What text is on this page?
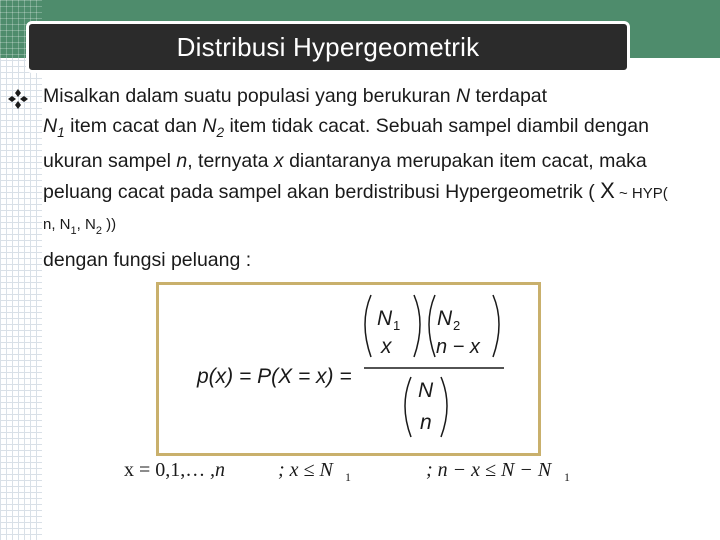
Distribusi Hypergeometrik
Misalkan dalam suatu populasi yang berukuran N terdapat
$N_1$ item cacat dan $N_2$ item tidak cacat. Sebuah sampel diambil dengan ukuran sampel n, ternyata x diantaranya merupakan item cacat, maka peluang cacat pada sampel akan berdistribusi Hypergeometrik ( X ~ HYP( n, $N_1$, $N_2$ ))
dengan fungsi peluang :
p(x) = P(X = x) =
N 1
x
N 2
n − x
N
n
x = 0,1,… ,n	; x ≤ N 1	; n − x ≤ N − N 1
